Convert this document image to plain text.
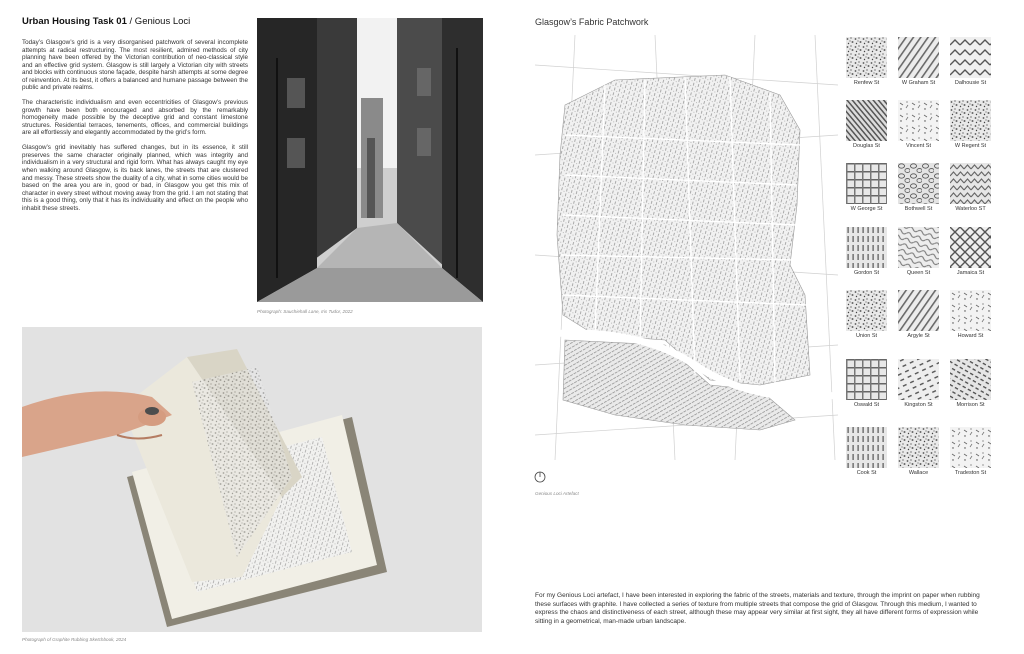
Urban Housing Task 01 / Genious Loci

Today’s Glasgow’s grid is a very disorganised patchwork of several incomplete attempts at radical restructuring. The most resilient, admired methods of city planning have been offered by the Victorian contribution of neo-classical style and an effective grid system. Glasgow is still largely a Victorian city with streets and blocks with continuous stone façade, despite harsh attempts at some degree of reinvention. At its best, it offers a balanced and humane passage between the public and private realms.

The characteristic individualism and even eccentricities of Glasgow’s previous growth have been both encouraged and absorbed by the remarkably homogeneity made possible by the deceptive grid and constant limestone structures. Residential terraces, tenements, offices, and commercial buildings are all effortlessly and elegantly accommodated by the grid’s form.

Glasgow’s grid inevitably has suffered changes, but in its essence, it still preserves the same character originally planned, which was integrity and individualism in a very structural and rigid form. What has always caught my eye when walking around Glasgow, is its back lanes, the streets that are clustered and messy. These streets show the duality of a city, what in some cities would be based on the area you are in, good or bad, in Glasgow you get this mix of character in every street without moving away from the grid. I am not stating that this is a good thing, only that it has its individuality and effect on the people who inhabit these streets.

Photograph: Sauchiehall Lane, Iris Tudor, 2022
Photograph of Graphite Rubbing Sketchbook, 2024
Glasgow’s Fabric Patchwork
Genious Loci Artefact
Renfew St	W Graham St	Dalhousie St
Douglas St	Vincent St	W Regent St
W George St	Bothwell St	Waterloo ST
Gordon St	Queen St	Jamaica St
Union St	Argyle St	Howard St
Oswald St	Kingston St	Morrison St
Cook St	Wallace	Tradeston St
For my Genious Loci artefact, I have been interested in exploring the fabric of the streets, materials and texture, through the imprint on paper when rubbing these surfaces with graphite. I have collected a series of texture from multiple streets that compose the grid of Glasgow. Through this medium, I wanted to express the chaos and distinctiveness of each street, although these may appear very similar at first sight, they all have different forms of expression while sitting in a geometrical, man-made urban landscape.
